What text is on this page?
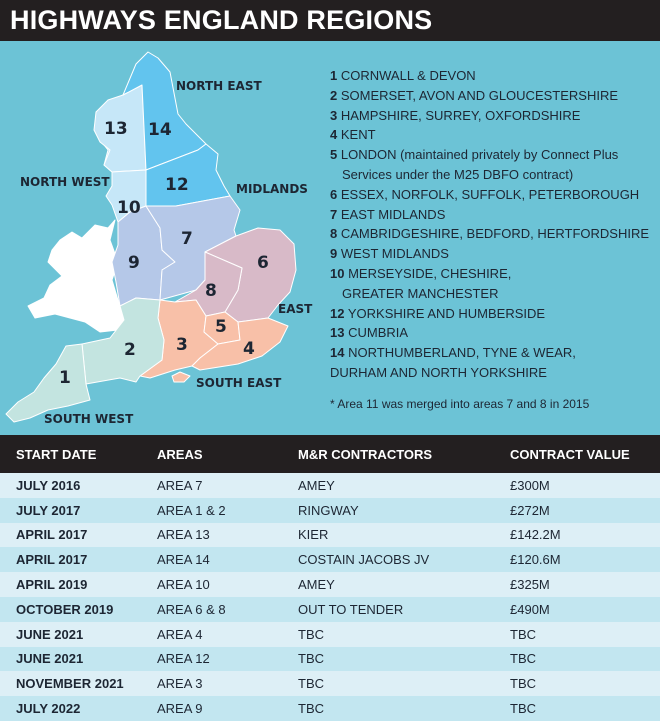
HIGHWAYS ENGLAND REGIONS
13 14
12
10
7
9	6
8
5
2 3	4
1
NORTH EAST
NORTH WEST	MIDLANDS
EAST
SOUTH EAST
SOUTH WEST
1 CORNWALL & DEVON
2 SOMERSET, AVON AND GLOUCESTERSHIRE
3 HAMPSHIRE, SURREY, OXFORDSHIRE
4 KENT
5 LONDON (maintained privately by Connect Plus
Services under the M25 DBFO contract)
6 ESSEX, NORFOLK, SUFFOLK, PETERBOROUGH
7 EAST MIDLANDS
8 CAMBRIDGESHIRE, BEDFORD, HERTFORDSHIRE
9 WEST MIDLANDS
10 MERSEYSIDE, CHESHIRE,
GREATER MANCHESTER
12 YORKSHIRE AND HUMBERSIDE
13 CUMBRIA
14 NORTHUMBERLAND, TYNE & WEAR,
DURHAM AND NORTH YORKSHIRE
* Area 11 was merged into areas 7 and 8 in 2015
START DATE	AREAS	M&R CONTRACTORS	CONTRACT VALUE
JULY 2016	AREA 7	AMEY	£300M
JULY 2017	AREA 1 & 2	RINGWAY	£272M
APRIL 2017	AREA 13	KIER	£142.2M
APRIL 2017	AREA 14	COSTAIN JACOBS JV	£120.6M
APRIL 2019	AREA 10	AMEY	£325M
OCTOBER 2019	AREA 6 & 8	OUT TO TENDER	£490M
JUNE 2021	AREA 4	TBC	TBC
JUNE 2021	AREA 12	TBC	TBC
NOVEMBER 2021	AREA 3	TBC	TBC
JULY 2022	AREA 9	TBC	TBC
